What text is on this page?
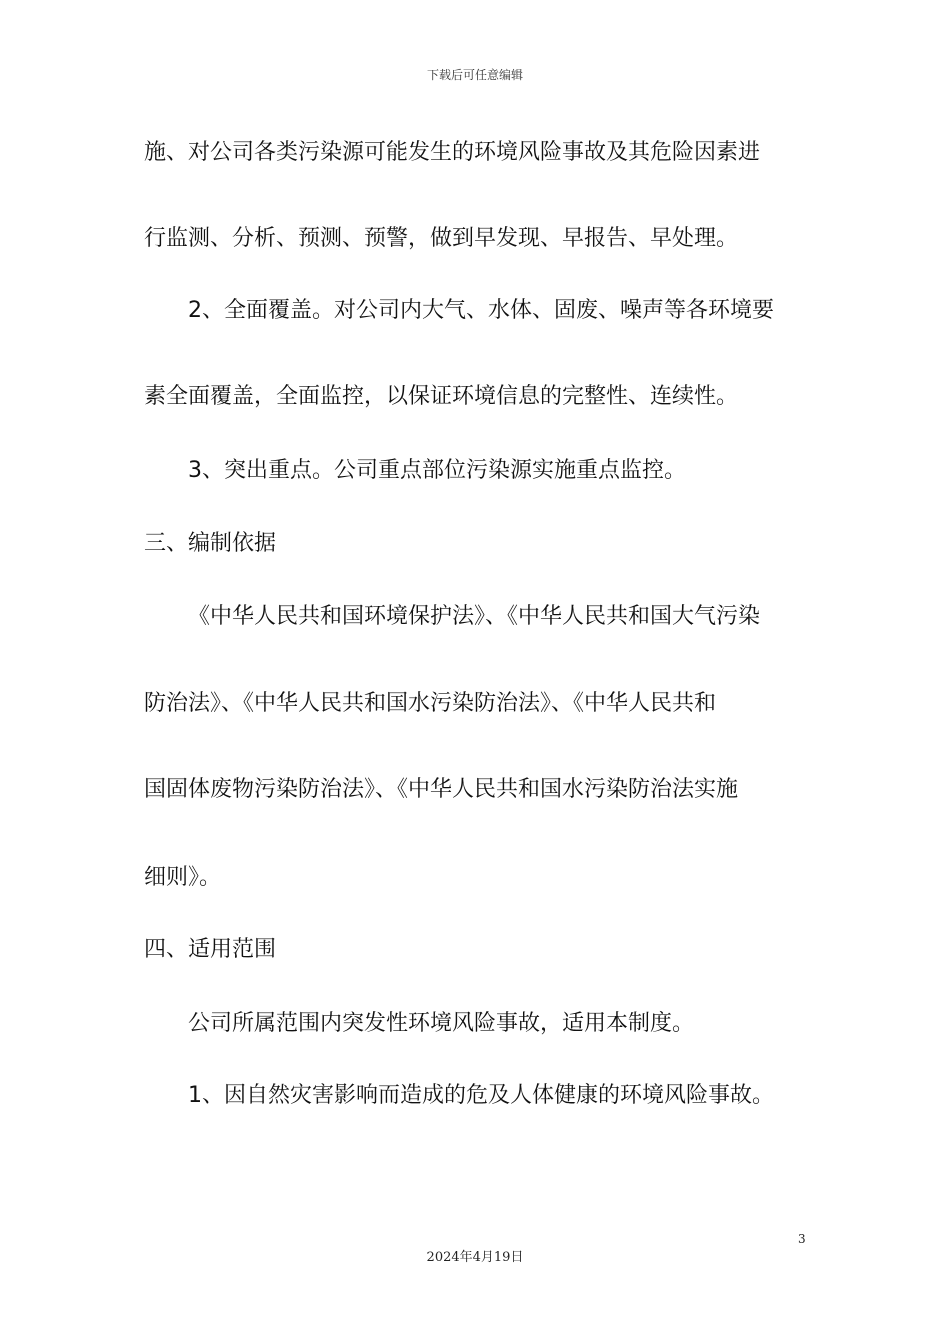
下载后可任意编辑
施、对公司各类污染源可能发生的环境风险事故及其危险因素进
行监测、分析、预测、预警，做到早发现、早报告、早处理。
2、全面覆盖。对公司内大气、水体、固废、噪声等各环境要
素全面覆盖，全面监控，以保证环境信息的完整性、连续性。
3、突出重点。公司重点部位污染源实施重点监控。
三、编制依据
《中华人民共和国环境保护法》、《中华人民共和国大气污染
防治法》、《中华人民共和国水污染防治法》、《中华人民共和
国固体废物污染防治法》、《中华人民共和国水污染防治法实施
细则》。
四、适用范围
公司所属范围内突发性环境风险事故，适用本制度。
1、因自然灾害影响而造成的危及人体健康的环境风险事故。
3
2024年4月19日
